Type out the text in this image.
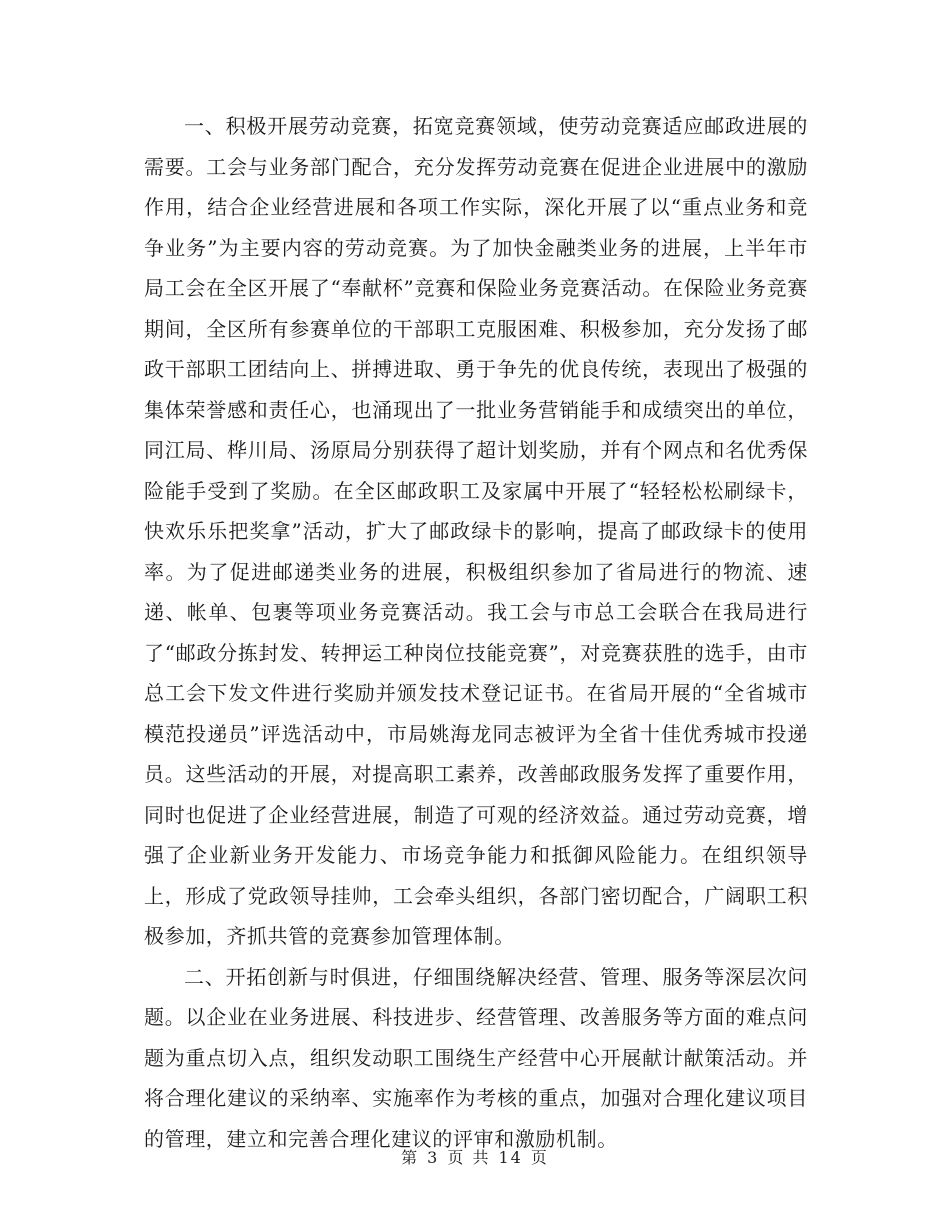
一、积极开展劳动竞赛，拓宽竞赛领域，使劳动竞赛适应邮政进展的需要。工会与业务部门配合，充分发挥劳动竞赛在促进企业进展中的激励作用，结合企业经营进展和各项工作实际，深化开展了以“重点业务和竞争业务”为主要内容的劳动竞赛。为了加快金融类业务的进展，上半年市局工会在全区开展了“奉献杯”竞赛和保险业务竞赛活动。在保险业务竞赛期间，全区所有参赛单位的干部职工克服困难、积极参加，充分发扬了邮政干部职工团结向上、拼搏进取、勇于争先的优良传统，表现出了极强的集体荣誉感和责任心，也涌现出了一批业务营销能手和成绩突出的单位，同江局、桦川局、汤原局分别获得了超计划奖励，并有个网点和名优秀保险能手受到了奖励。在全区邮政职工及家属中开展了“轻轻松松刷绿卡，快欢乐乐把奖拿”活动，扩大了邮政绿卡的影响，提高了邮政绿卡的使用率。为了促进邮递类业务的进展，积极组织参加了省局进行的物流、速递、帐单、包裹等项业务竞赛活动。我工会与市总工会联合在我局进行了“邮政分拣封发、转押运工种岗位技能竞赛”，对竞赛获胜的选手，由市总工会下发文件进行奖励并颁发技术登记证书。在省局开展的“全省城市模范投递员”评选活动中，市局姚海龙同志被评为全省十佳优秀城市投递员。这些活动的开展，对提高职工素养，改善邮政服务发挥了重要作用，同时也促进了企业经营进展，制造了可观的经济效益。通过劳动竞赛，增强了企业新业务开发能力、市场竞争能力和抵御风险能力。在组织领导上，形成了党政领导挂帅，工会牵头组织，各部门密切配合，广阔职工积极参加，齐抓共管的竞赛参加管理体制。

二、开拓创新与时俱进，仔细围绕解决经营、管理、服务等深层次问题。以企业在业务进展、科技进步、经营管理、改善服务等方面的难点问题为重点切入点，组织发动职工围绕生产经营中心开展献计献策活动。并将合理化建议的采纳率、实施率作为考核的重点，加强对合理化建议项目的管理，建立和完善合理化建议的评审和激励机制。

第 3 页 共 14 页
